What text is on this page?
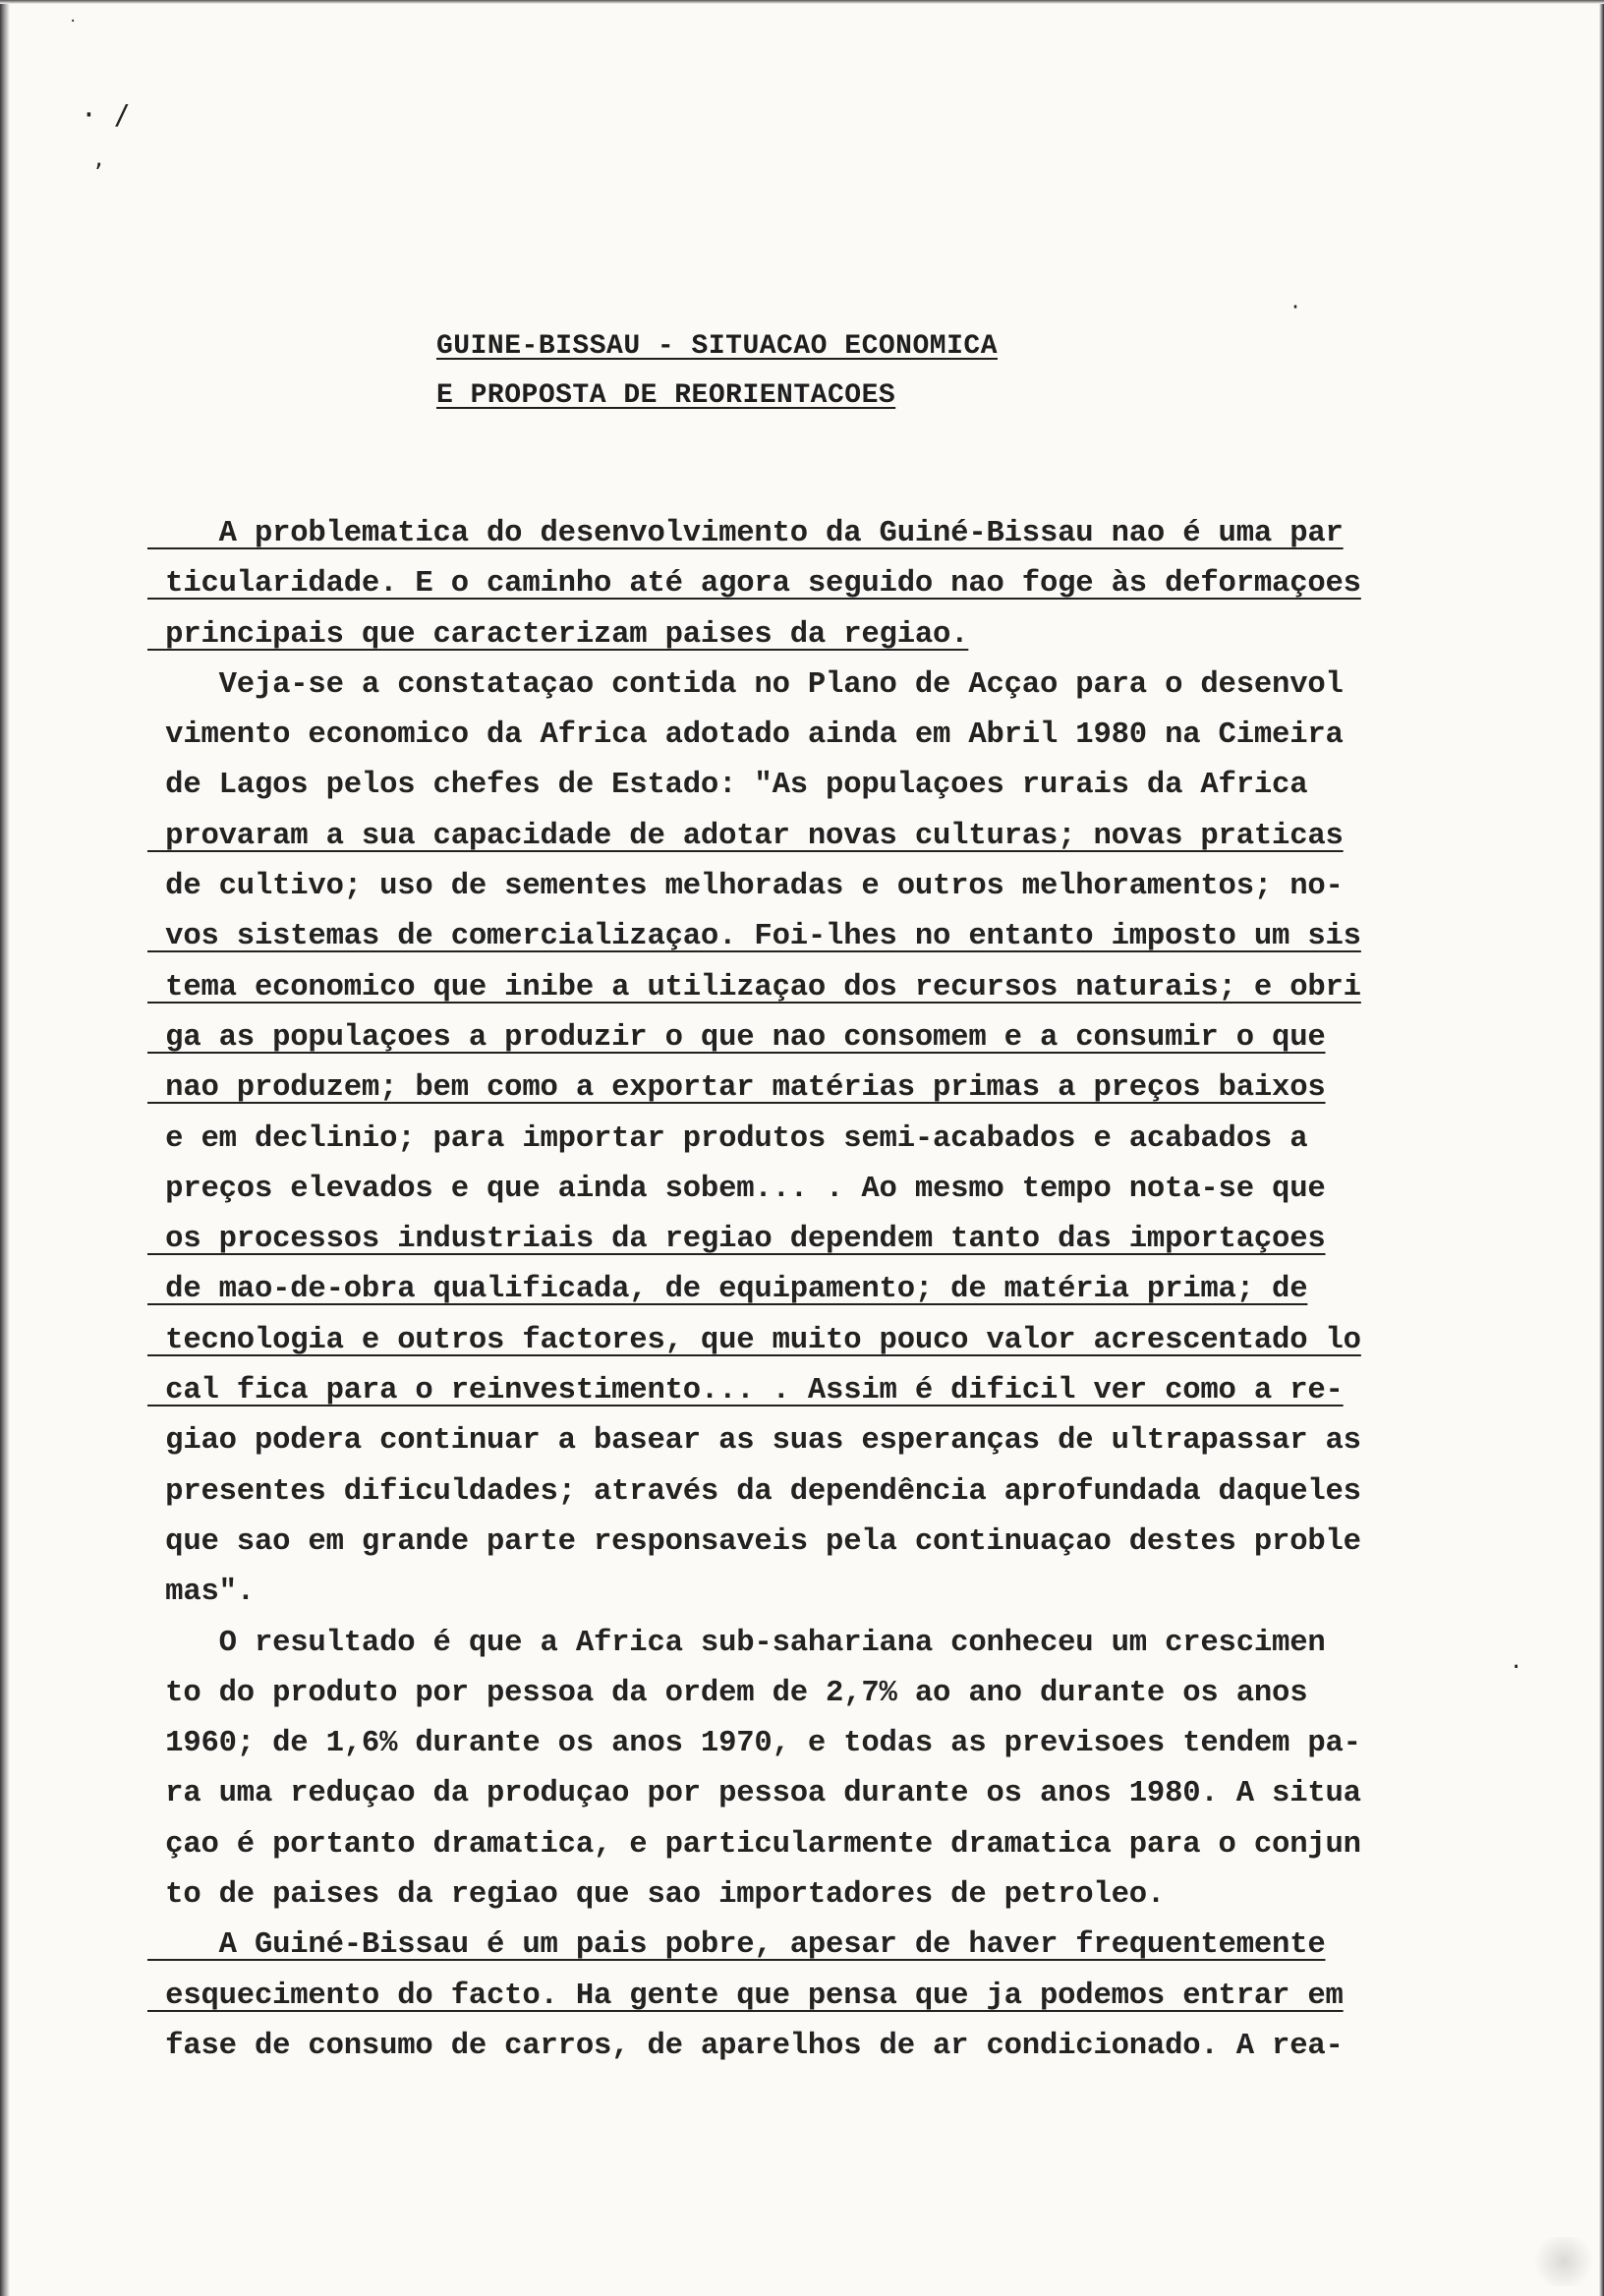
·
· /
,
·
·
GUINE-BISSAU - SITUACAO ECONOMICA
E PROPOSTA DE REORIENTACOES
A problematica do desenvolvimento da Guiné-Bissau nao é uma par
ticularidade. E o caminho até agora seguido nao foge às deformaçoes
principais que caracterizam paises da regiao.
Veja-se a constataçao contida no Plano de Acçao para o desenvol
vimento economico da Africa adotado ainda em Abril 1980 na Cimeira
de Lagos pelos chefes de Estado: "As populaçoes rurais da Africa
provaram a sua capacidade de adotar novas culturas; novas praticas
de cultivo; uso de sementes melhoradas e outros melhoramentos; no-
vos sistemas de comercializaçao. Foi-lhes no entanto imposto um sis
tema economico que inibe a utilizaçao dos recursos naturais; e obri
ga as populaçoes a produzir o que nao consomem e a consumir o que
nao produzem; bem como a exportar matérias primas a preços baixos
e em declinio; para importar produtos semi-acabados e acabados a
preços elevados e que ainda sobem... . Ao mesmo tempo nota-se que
os processos industriais da regiao dependem tanto das importaçoes
de mao-de-obra qualificada, de equipamento; de matéria prima; de
tecnologia e outros factores, que muito pouco valor acrescentado lo
cal fica para o reinvestimento... . Assim é dificil ver como a re-
giao podera continuar a basear as suas esperanças de ultrapassar as
presentes dificuldades; através da dependência aprofundada daqueles
que sao em grande parte responsaveis pela continuaçao destes proble
mas".
O resultado é que a Africa sub-sahariana conheceu um crescimen
to do produto por pessoa da ordem de 2,7% ao ano durante os anos
1960; de 1,6% durante os anos 1970, e todas as previsoes tendem pa-
ra uma reduçao da produçao por pessoa durante os anos 1980. A situa
çao é portanto dramatica, e particularmente dramatica para o conjun
to de paises da regiao que sao importadores de petroleo.
A Guiné-Bissau é um pais pobre, apesar de haver frequentemente
esquecimento do facto. Ha gente que pensa que ja podemos entrar em
fase de consumo de carros, de aparelhos de ar condicionado. A rea-
